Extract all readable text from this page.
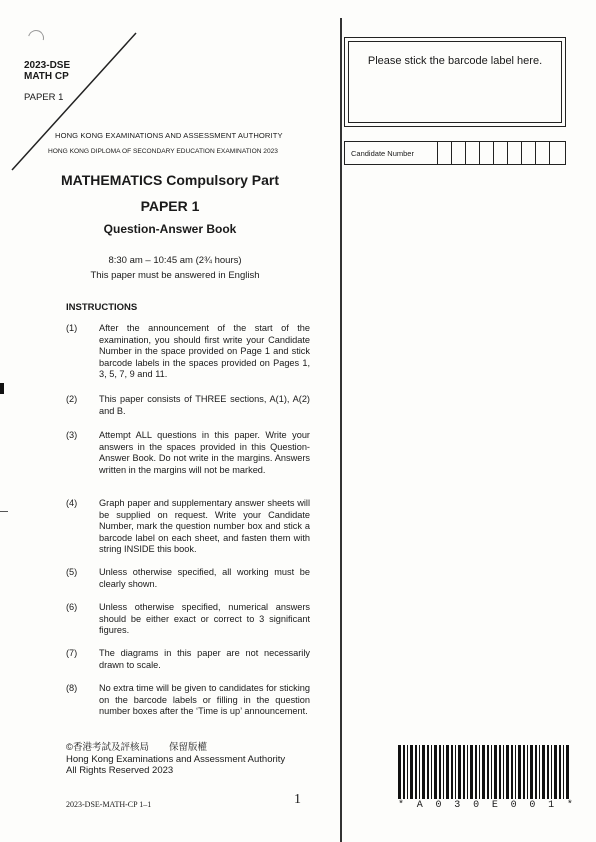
2023-DSE
MATH CP
PAPER 1
HONG KONG EXAMINATIONS AND ASSESSMENT AUTHORITY
HONG KONG DIPLOMA OF SECONDARY EDUCATION EXAMINATION 2023
MATHEMATICS Compulsory Part
PAPER 1
Question-Answer Book
8:30 am – 10:45 am (2¾ hours)
This paper must be answered in English
INSTRUCTIONS
(1) After the announcement of the start of the examination, you should first write your Candidate Number in the space provided on Page 1 and stick barcode labels in the spaces provided on Pages 1, 3, 5, 7, 9 and 11.
(2) This paper consists of THREE sections, A(1), A(2) and B.
(3) Attempt ALL questions in this paper. Write your answers in the spaces provided in this Question-Answer Book. Do not write in the margins. Answers written in the margins will not be marked.
(4) Graph paper and supplementary answer sheets will be supplied on request. Write your Candidate Number, mark the question number box and stick a barcode label on each sheet, and fasten them with string INSIDE this book.
(5) Unless otherwise specified, all working must be clearly shown.
(6) Unless otherwise specified, numerical answers should be either exact or correct to 3 significant figures.
(7) The diagrams in this paper are not necessarily drawn to scale.
(8) No extra time will be given to candidates for sticking on the barcode labels or filling in the question number boxes after the ‘Time is up’ announcement.
©香港考試及評核局 保留版權
Hong Kong Examinations and Assessment Authority
All Rights Reserved 2023
2023-DSE-MATH-CP 1–1	1
Please stick the barcode label here.
Candidate Number
* A 0 3 0 E 0 0 1 *
